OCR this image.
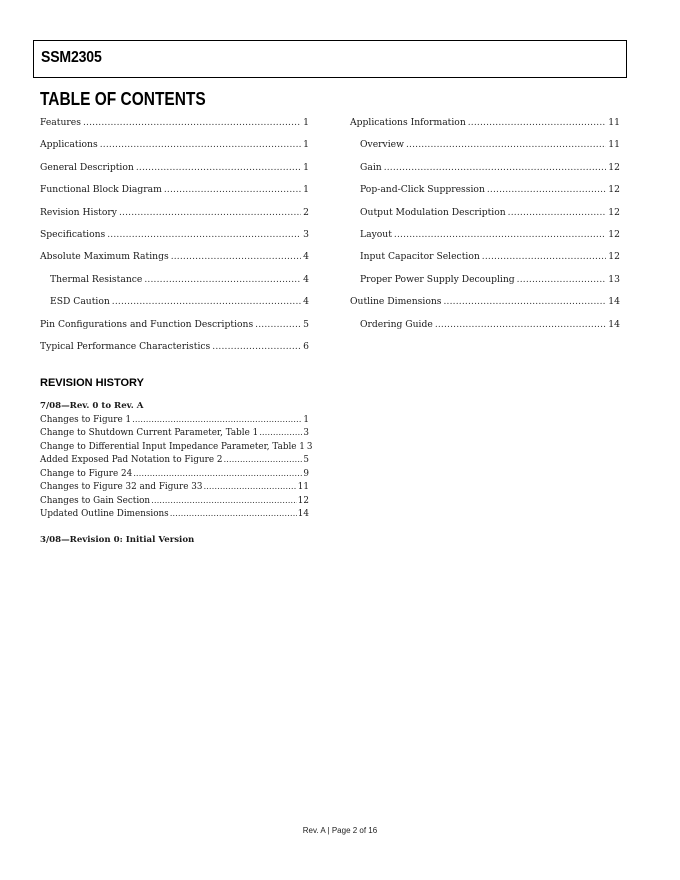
SSM2305
TABLE OF CONTENTS
Features .....	1
Applications .....	1
General Description .....	1
Functional Block Diagram .....	1
Revision History .....	2
Specifications .....	3
Absolute Maximum Ratings .....	4
Thermal Resistance .....	4
ESD Caution .....	4
Pin Configurations and Function Descriptions .....	5
Typical Performance Characteristics .....	6
Applications Information .....	11
Overview .....	11
Gain .....	12
Pop-and-Click Suppression .....	12
Output Modulation Description .....	12
Layout .....	12
Input Capacitor Selection .....	12
Proper Power Supply Decoupling .....	13
Outline Dimensions .....	14
Ordering Guide .....	14
REVISION HISTORY
7/08—Rev. 0 to Rev. A
Changes to Figure 1 .....	1
Change to Shutdown Current Parameter, Table 1 .....	3
Change to Differential Input Impedance Parameter, Table 1 3
Added Exposed Pad Notation to Figure 2 .....	5
Change to Figure 24 .....	9
Changes to Figure 32 and Figure 33 .....	11
Changes to Gain Section .....	12
Updated Outline Dimensions .....	14
3/08—Revision 0: Initial Version
Rev. A | Page 2 of 16
